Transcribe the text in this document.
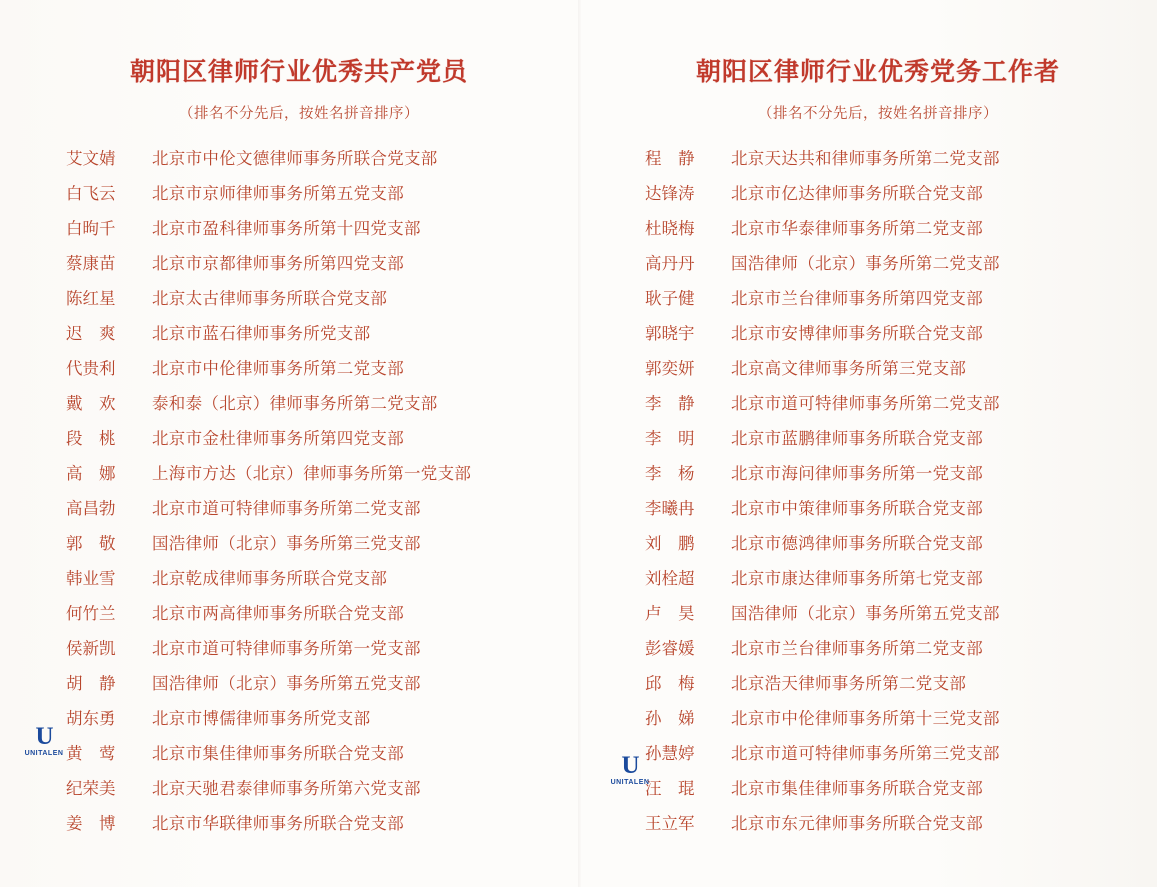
朝阳区律师行业优秀共产党员
（排名不分先后，按姓名拼音排序）
艾文婧	北京市中伦文德律师事务所联合党支部
白飞云	北京市京师律师事务所第五党支部
白昫千	北京市盈科律师事务所第十四党支部
蔡康苗	北京市京都律师事务所第四党支部
陈红星	北京太古律师事务所联合党支部
迟　爽	北京市蓝石律师事务所党支部
代贵利	北京市中伦律师事务所第二党支部
戴　欢	泰和泰（北京）律师事务所第二党支部
段　桃	北京市金杜律师事务所第四党支部
高　娜	上海市方达（北京）律师事务所第一党支部
高昌勃	北京市道可特律师事务所第二党支部
郭　敬	国浩律师（北京）事务所第三党支部
韩业雪	北京乾成律师事务所联合党支部
何竹兰	北京市两高律师事务所联合党支部
侯新凯	北京市道可特律师事务所第一党支部
胡　静	国浩律师（北京）事务所第五党支部
胡东勇	北京市博儒律师事务所党支部
黄　莺	北京市集佳律师事务所联合党支部
纪荣美	北京天驰君泰律师事务所第六党支部
姜　博	北京市华联律师事务所联合党支部
朝阳区律师行业优秀党务工作者
（排名不分先后，按姓名拼音排序）
程　静	北京天达共和律师事务所第二党支部
达锋涛	北京市亿达律师事务所联合党支部
杜晓梅	北京市华泰律师事务所第二党支部
高丹丹	国浩律师（北京）事务所第二党支部
耿子健	北京市兰台律师事务所第四党支部
郭晓宇	北京市安博律师事务所联合党支部
郭奕妍	北京高文律师事务所第三党支部
李　静	北京市道可特律师事务所第二党支部
李　明	北京市蓝鹏律师事务所联合党支部
李　杨	北京市海问律师事务所第一党支部
李曦冉	北京市中策律师事务所联合党支部
刘　鹏	北京市德鸿律师事务所联合党支部
刘栓超	北京市康达律师事务所第七党支部
卢　昊	国浩律师（北京）事务所第五党支部
彭睿媛	北京市兰台律师事务所第二党支部
邱　梅	北京浩天律师事务所第二党支部
孙　娣	北京市中伦律师事务所第十三党支部
孙慧婷	北京市道可特律师事务所第三党支部
汪　琨	北京市集佳律师事务所联合党支部
王立军	北京市东元律师事务所联合党支部
U
UNITALEN	U
UNITALEN
